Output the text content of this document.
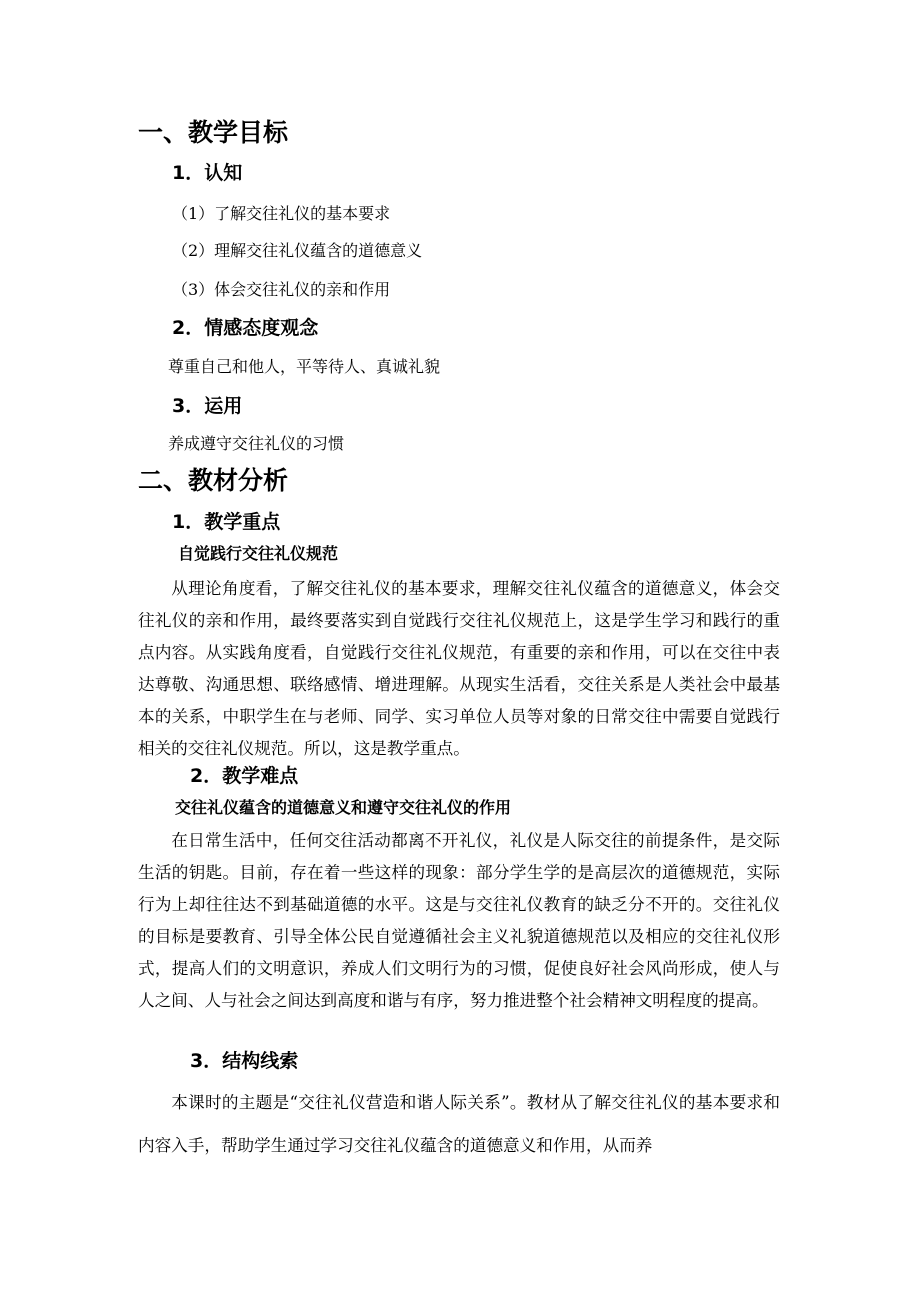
一、教学目标
1．认知
（1）了解交往礼仪的基本要求
（2）理解交往礼仪蕴含的道德意义
（3）体会交往礼仪的亲和作用
2．情感态度观念
尊重自己和他人，平等待人、真诚礼貌
3．运用
养成遵守交往礼仪的习惯
二、教材分析
1．教学重点
自觉践行交往礼仪规范
从理论角度看，了解交往礼仪的基本要求，理解交往礼仪蕴含的道德意义，体会交往礼仪的亲和作用，最终要落实到自觉践行交往礼仪规范上，这是学生学习和践行的重点内容。从实践角度看，自觉践行交往礼仪规范，有重要的亲和作用，可以在交往中表达尊敬、沟通思想、联络感情、增进理解。从现实生活看，交往关系是人类社会中最基本的关系，中职学生在与老师、同学、实习单位人员等对象的日常交往中需要自觉践行相关的交往礼仪规范。所以，这是教学重点。
2．教学难点
交往礼仪蕴含的道德意义和遵守交往礼仪的作用
在日常生活中，任何交往活动都离不开礼仪，礼仪是人际交往的前提条件，是交际生活的钥匙。目前，存在着一些这样的现象：部分学生学的是高层次的道德规范，实际行为上却往往达不到基础道德的水平。这是与交往礼仪教育的缺乏分不开的。交往礼仪的目标是要教育、引导全体公民自觉遵循社会主义礼貌道德规范以及相应的交往礼仪形式，提高人们的文明意识，养成人们文明行为的习惯，促使良好社会风尚形成，使人与人之间、人与社会之间达到高度和谐与有序，努力推进整个社会精神文明程度的提高。
3．结构线索
本课时的主题是“交往礼仪营造和谐人际关系”。教材从了解交往礼仪的基本要求和内容入手，帮助学生通过学习交往礼仪蕴含的道德意义和作用，从而养
